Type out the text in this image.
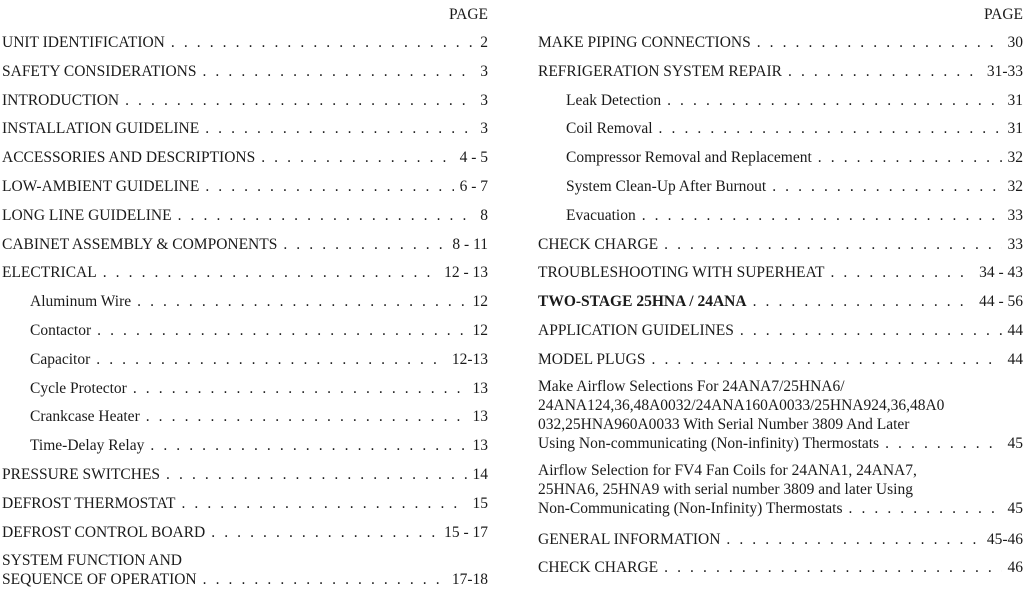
PAGE
UNIT IDENTIFICATION . . .	2
SAFETY CONSIDERATIONS . . .	3
INTRODUCTION . . .	3
INSTALLATION GUIDELINE . . .	3
ACCESSORIES AND DESCRIPTIONS . . .	4 - 5
LOW-AMBIENT GUIDELINE . . .	6 - 7
LONG LINE GUIDELINE . . .	8
CABINET ASSEMBLY & COMPONENTS . . .	8 - 11
ELECTRICAL . . .	12 - 13
Aluminum Wire . . .	12
Contactor . . .	12
Capacitor . . .	12-13
Cycle Protector . . .	13
Crankcase Heater . . .	13
Time-Delay Relay . . .	13
PRESSURE SWITCHES . . .	14
DEFROST THERMOSTAT . . .	15
DEFROST CONTROL BOARD . . .	15 - 17
SYSTEM FUNCTION AND
SEQUENCE OF OPERATION . . .	17-18
PAGE
MAKE PIPING CONNECTIONS . . .	30
REFRIGERATION SYSTEM REPAIR . . .	31-33
Leak Detection . . .	31
Coil Removal . . .	31
Compressor Removal and Replacement . . .	32
System Clean-Up After Burnout . . .	32
Evacuation . . .	33
CHECK CHARGE . . .	33
TROUBLESHOOTING WITH SUPERHEAT . . .	34 - 43
TWO-STAGE 25HNA / 24ANA . . .	44 - 56
APPLICATION GUIDELINES . . .	44
MODEL PLUGS . . .	44
Make Airflow Selections For 24ANA7/25HNA6/
24ANA124,36,48A0032/24ANA160A0033/25HNA924,36,48A0
032,25HNA960A0033 With Serial Number 3809 And Later
Using Non-communicating (Non-infinity) Thermostats . . .	45
Airflow Selection for FV4 Fan Coils for 24ANA1, 24ANA7,
25HNA6, 25HNA9 with serial number 3809 and later Using
Non-Communicating (Non-Infinity) Thermostats . . .	45
GENERAL INFORMATION . . .	45-46
CHECK CHARGE . . .	46
